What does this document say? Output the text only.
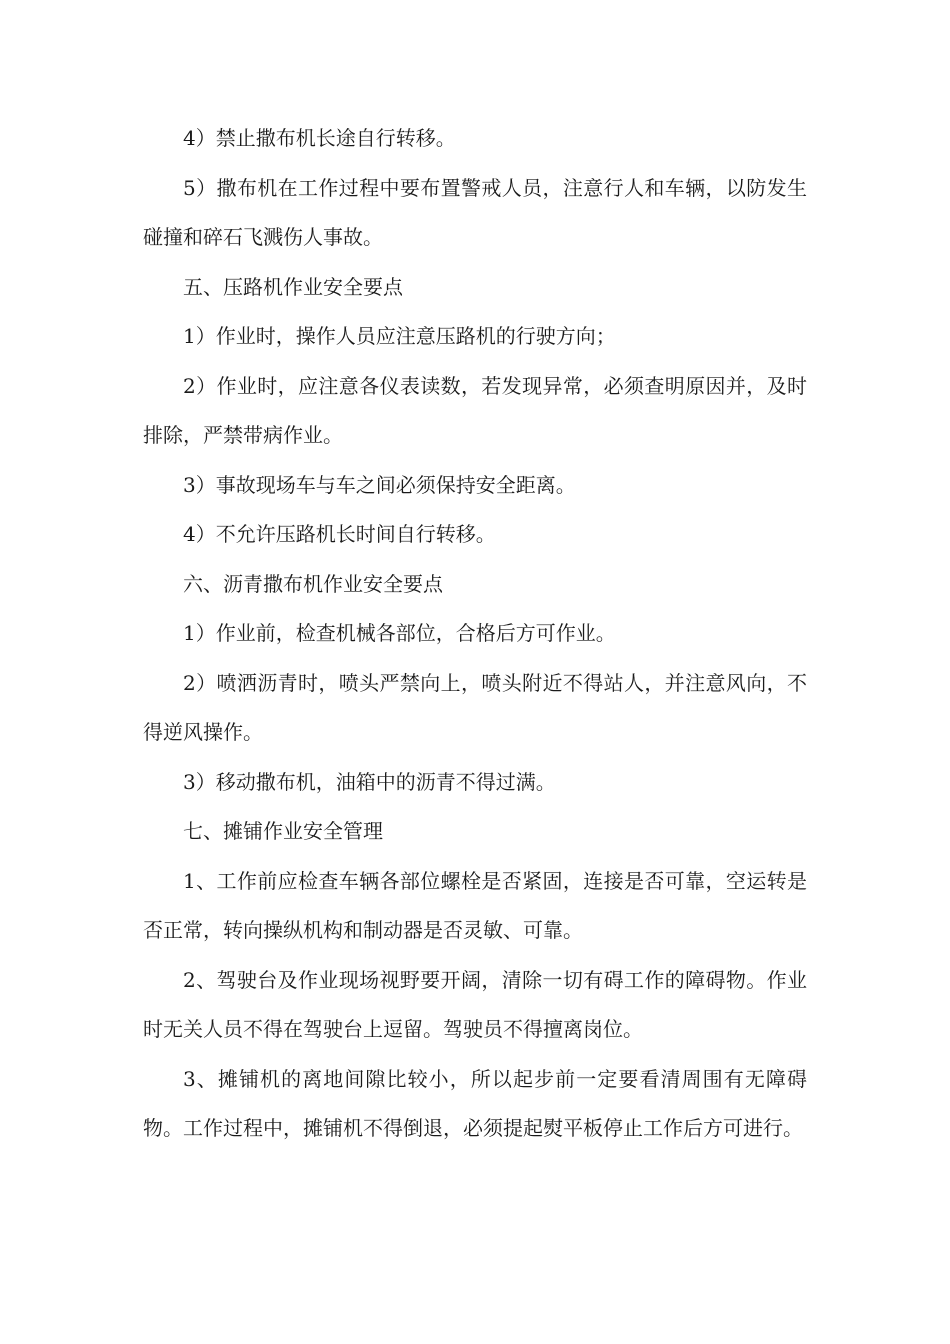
4）禁止撒布机长途自行转移。

5）撒布机在工作过程中要布置警戒人员，注意行人和车辆，以防发生碰撞和碎石飞溅伤人事故。

五、压路机作业安全要点

1）作业时，操作人员应注意压路机的行驶方向；

2）作业时，应注意各仪表读数，若发现异常，必须查明原因并，及时排除，严禁带病作业。

3）事故现场车与车之间必须保持安全距离。

4）不允许压路机长时间自行转移。

六、沥青撒布机作业安全要点

1）作业前，检查机械各部位，合格后方可作业。

2）喷洒沥青时，喷头严禁向上，喷头附近不得站人，并注意风向，不得逆风操作。

3）移动撒布机，油箱中的沥青不得过满。

七、摊铺作业安全管理

1、工作前应检查车辆各部位螺栓是否紧固，连接是否可靠，空运转是否正常，转向操纵机构和制动器是否灵敏、可靠。

2、驾驶台及作业现场视野要开阔，清除一切有碍工作的障碍物。作业时无关人员不得在驾驶台上逗留。驾驶员不得擅离岗位。

3、摊铺机的离地间隙比较小，所以起步前一定要看清周围有无障碍物。工作过程中，摊铺机不得倒退，必须提起熨平板停止工作后方可进行。
